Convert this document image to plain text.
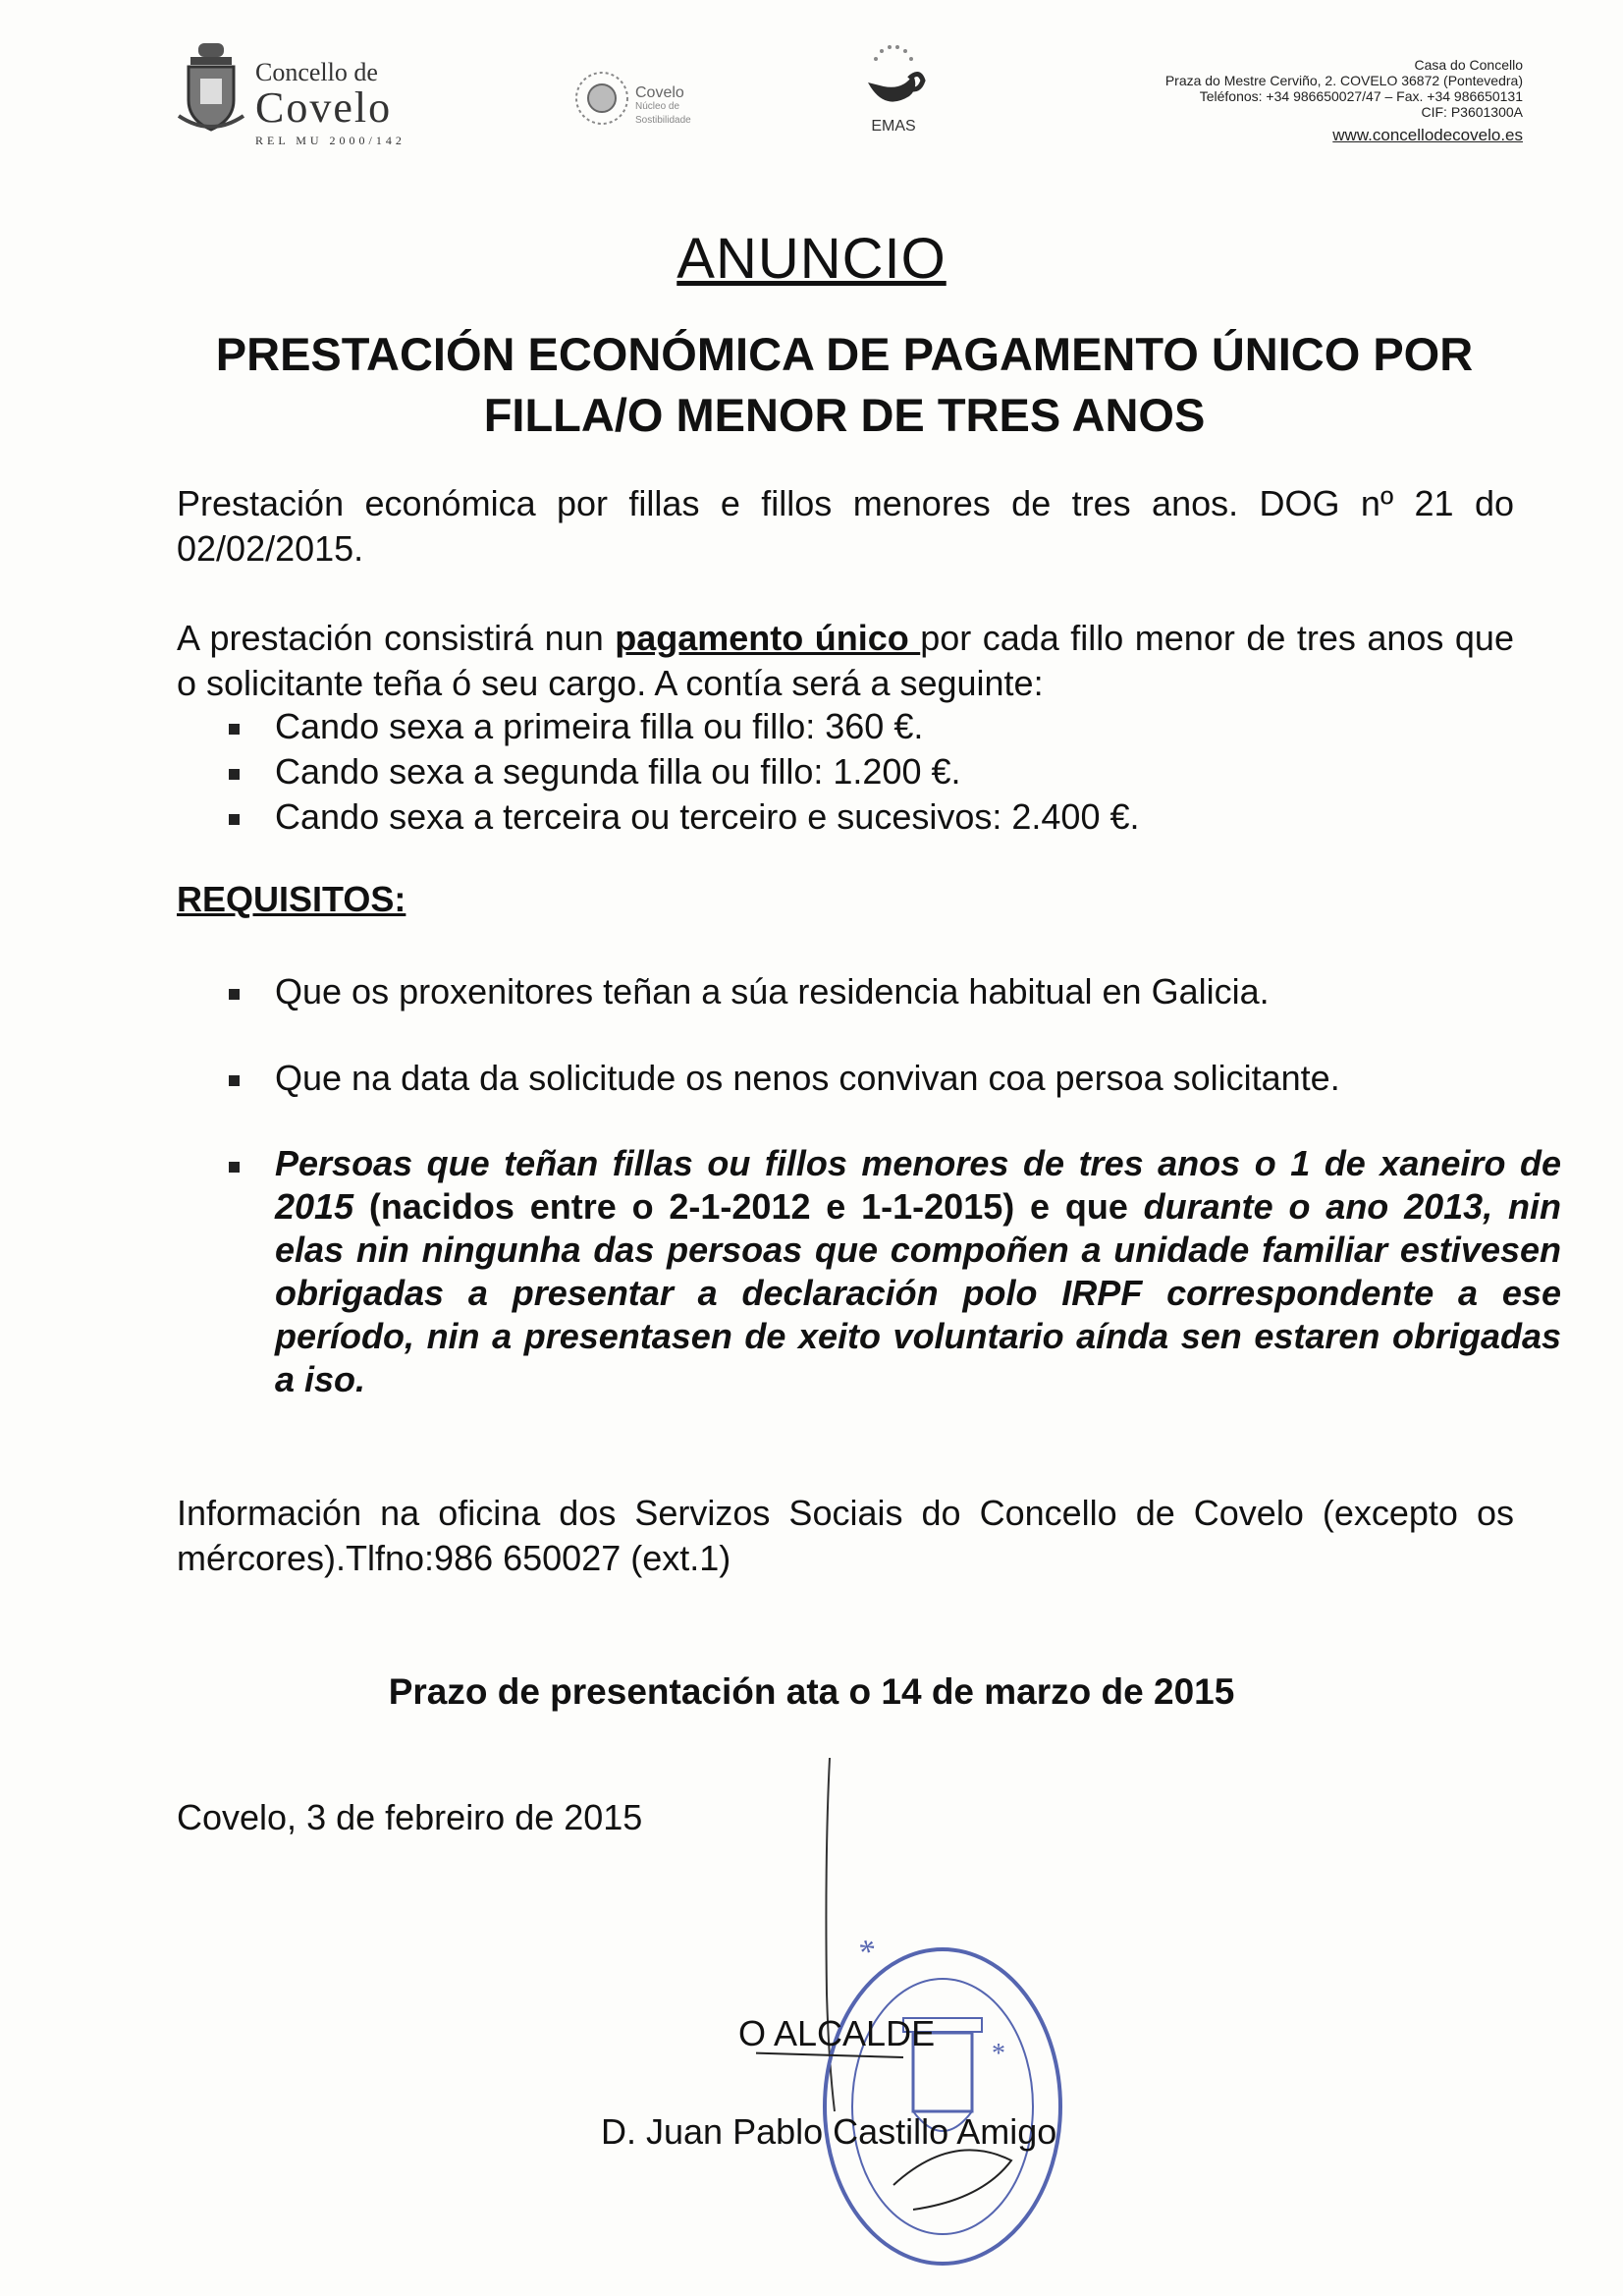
Concello de
Covelo
REL MU 2000/142
Covelo
Núcleo de
Sostibilidade	EMAS
Casa do Concello
Praza do Mestre Cerviño, 2. COVELO 36872 (Pontevedra)
Teléfonos: +34 986650027/47 – Fax. +34 986650131
CIF: P3601300A
www.concellodecovelo.es
ANUNCIO
PRESTACIÓN ECONÓMICA DE PAGAMENTO ÚNICO POR
FILLA/O MENOR DE TRES ANOS
Prestación económica por fillas e fillos menores de tres anos. DOG nº 21 do 02/02/2015.
A prestación consistirá nun pagamento único por cada fillo menor de tres anos que o solicitante teña ó seu cargo. A contía será a seguinte:
Cando sexa a primeira filla ou fillo: 360 €.
Cando sexa a segunda filla ou fillo: 1.200 €.
Cando sexa a terceira ou terceiro e sucesivos: 2.400 €.
REQUISITOS:
Que os proxenitores teñan a súa residencia habitual en Galicia.
Que na data da solicitude os nenos convivan coa persoa solicitante.
Persoas que teñan fillas ou fillos menores de tres anos o 1 de xaneiro de 2015 (nacidos entre o 2-1-2012 e 1-1-2015) e que durante o ano 2013, nin elas nin ningunha das persoas que compoñen a unidade familiar estivesen obrigadas a presentar a declaración polo IRPF correspondente a ese período, nin a presentasen de xeito voluntario aínda sen estaren obrigadas a iso.
Información na oficina dos Servizos Sociais do Concello de Covelo (excepto os mércores).Tlfno:986 650027 (ext.1)
Prazo de presentación ata o 14 de marzo de 2015
Covelo, 3 de febreiro de 2015
*
*
O ALCALDE
D. Juan Pablo Castillo Amigo
